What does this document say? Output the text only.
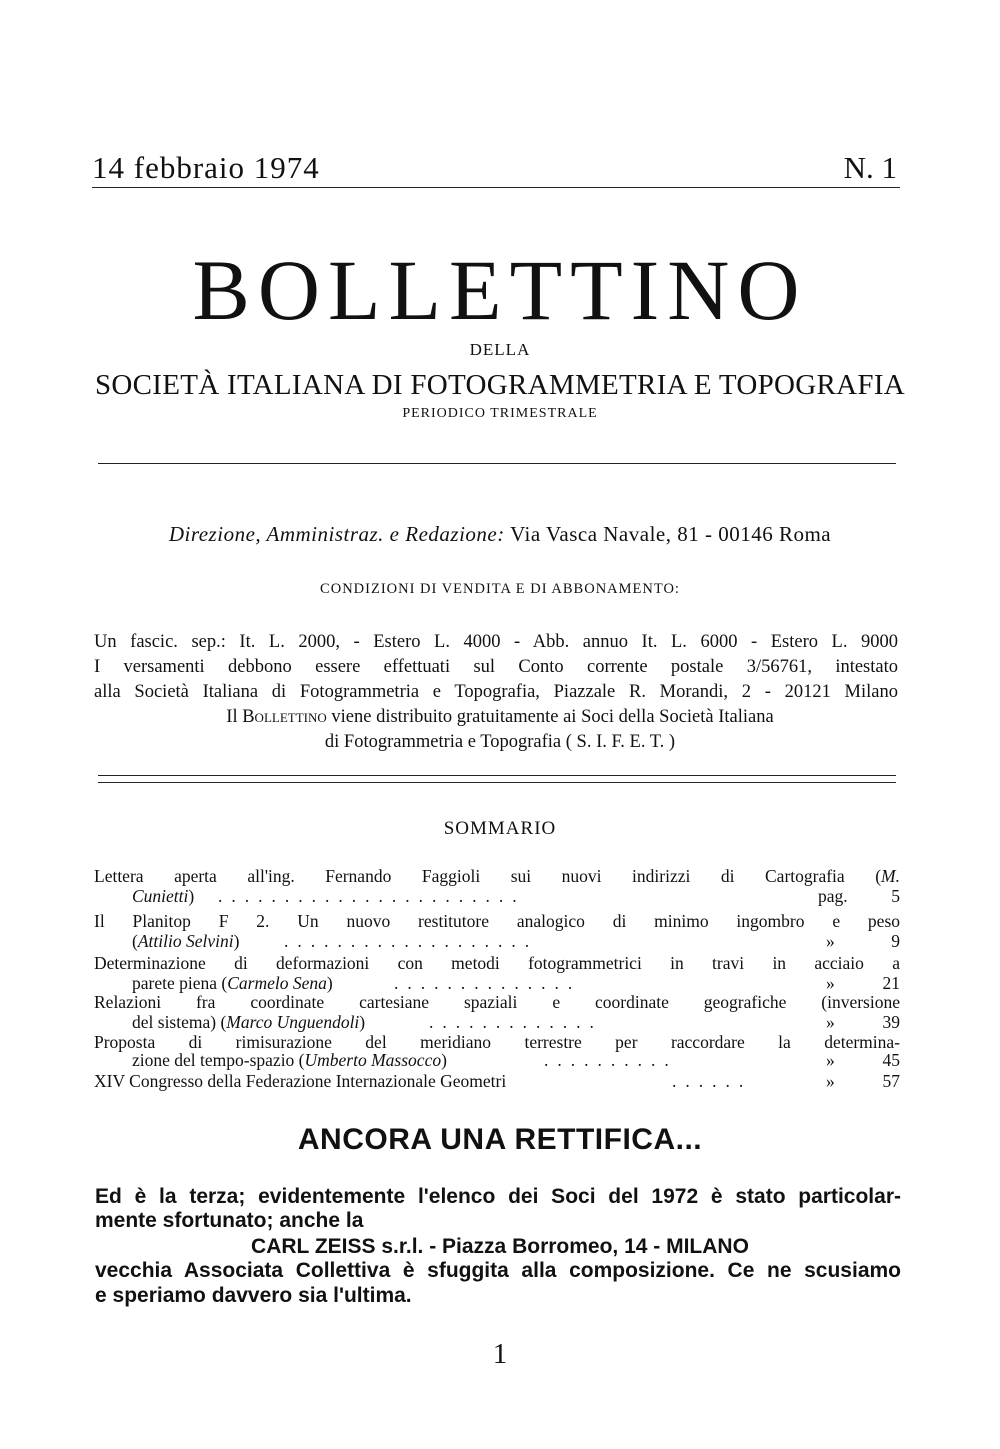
14 febbraio 1974	N. 1
BOLLETTINO
DELLA
SOCIETÀ ITALIANA DI FOTOGRAMMETRIA E TOPOGRAFIA
PERIODICO TRIMESTRALE
Direzione, Amministraz. e Redazione: Via Vasca Navale, 81 - 00146 Roma
CONDIZIONI DI VENDITA E DI ABBONAMENTO:
Un fascic. sep.: It. L. 2000, - Estero L. 4000 - Abb. annuo It. L. 6000 - Estero L. 9000
I versamenti debbono essere effettuati sul Conto corrente postale 3/56761, intestato
alla Società Italiana di Fotogrammetria e Topografia, Piazzale R. Morandi, 2 - 20121 Milano
Il Bollettino viene distribuito gratuitamente ai Soci della Società Italiana
di Fotogrammetria e Topografia ( S. I. F. E. T. )
SOMMARIO
Lettera aperta all'ing. Fernando Faggioli sui nuovi indirizzi di Cartografia (M.
Cunietti) .......................	pag. 5
Il Planitop F 2. Un nuovo restitutore analogico di minimo ingombro e peso
(Attilio Selvini)	...................	»	9
Determinazione di deformazioni con metodi fotogrammetrici in travi in acciaio a
parete piena (Carmelo Sena)	..............	»	21
Relazioni fra coordinate cartesiane spaziali e coordinate geografiche (inversione
del sistema) (Marco Unguendoli)	.............	»	39
Proposta di rimisurazione del meridiano terrestre per raccordare la determina-
zione del tempo-spazio (Umberto Massocco)	..........	»	45
XIV Congresso della Federazione Internazionale Geometri	......	»	57
ANCORA UNA RETTIFICA...
Ed è la terza; evidentemente l'elenco dei Soci del 1972 è stato particolar-
mente sfortunato; anche la
CARL ZEISS s.r.l. - Piazza Borromeo, 14 - MILANO
vecchia Associata Collettiva è sfuggita alla composizione. Ce ne scusiamo
e speriamo davvero sia l'ultima.
1
